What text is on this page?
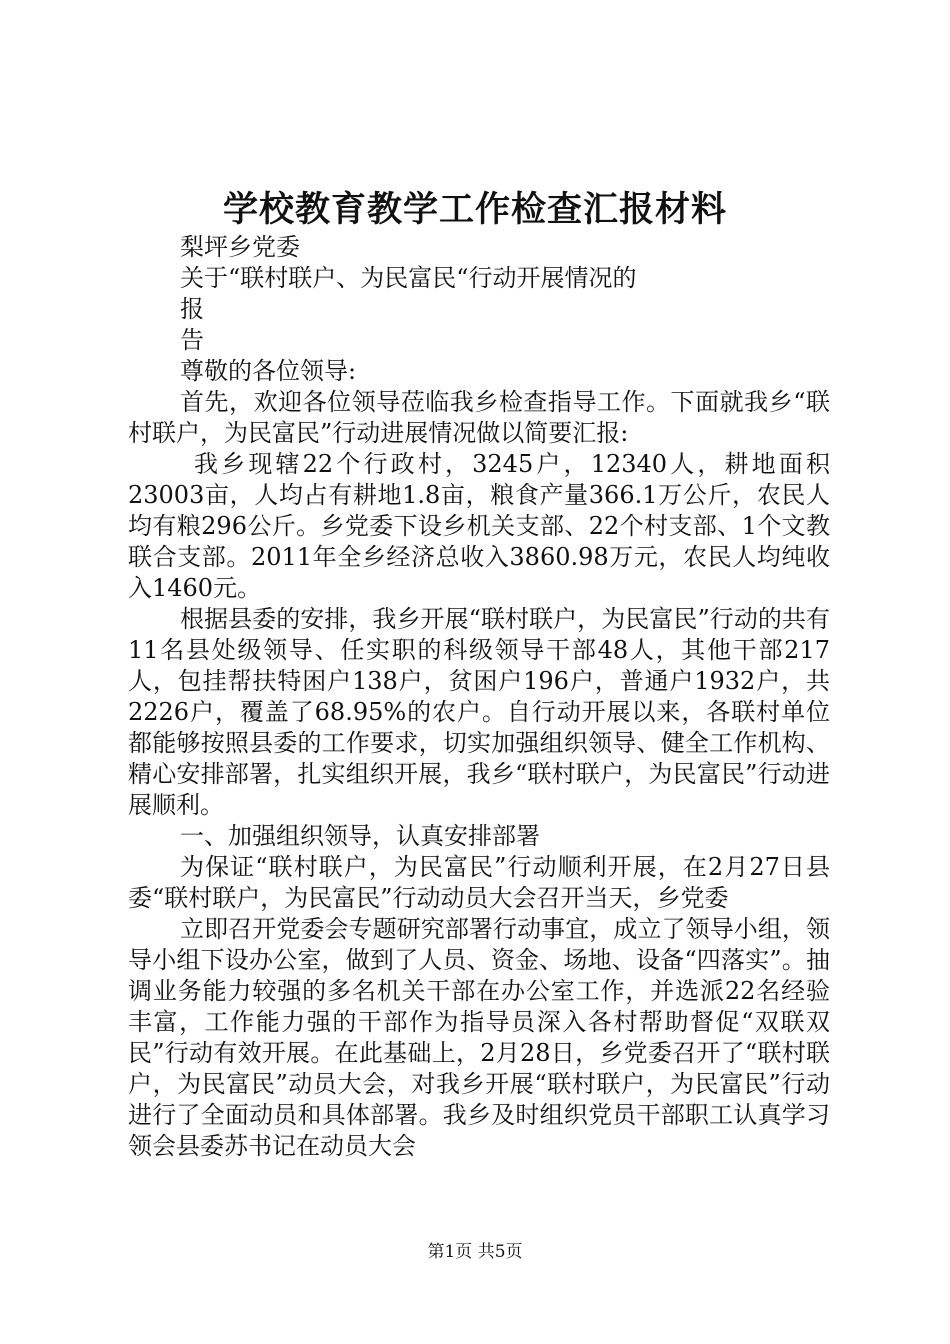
学校教育教学工作检查汇报材料

梨坪乡党委

关于“联村联户、为民富民“行动开展情况的

报

告

尊敬的各位领导:

首先，欢迎各位领导莅临我乡检查指导工作。下面就我乡“联村联户，为民富民”行动进展情况做以简要汇报:

我乡现辖22个行政村，3245户，12340人，耕地面积23003亩，人均占有耕地1.8亩，粮食产量366.1万公斤，农民人均有粮296公斤。乡党委下设乡机关支部、22个村支部、1个文教联合支部。2011年全乡经济总收入3860.98万元，农民人均纯收入1460元。

根据县委的安排，我乡开展“联村联户，为民富民”行动的共有11名县处级领导、任实职的科级领导干部48人，其他干部217人，包挂帮扶特困户138户，贫困户196户，普通户1932户，共2226户，覆盖了68.95%的农户。自行动开展以来，各联村单位都能够按照县委的工作要求，切实加强组织领导、健全工作机构、精心安排部署，扎实组织开展，我乡“联村联户，为民富民”行动进展顺利。

一、加强组织领导，认真安排部署

为保证“联村联户，为民富民”行动顺利开展，在2月27日县委“联村联户，为民富民”行动动员大会召开当天，乡党委

立即召开党委会专题研究部署行动事宜，成立了领导小组，领导小组下设办公室，做到了人员、资金、场地、设备“四落实”。抽调业务能力较强的多名机关干部在办公室工作，并选派22名经验丰富，工作能力强的干部作为指导员深入各村帮助督促“双联双民”行动有效开展。在此基础上，2月28日，乡党委召开了“联村联户，为民富民”动员大会，对我乡开展“联村联户，为民富民”行动进行了全面动员和具体部署。我乡及时组织党员干部职工认真学习领会县委苏书记在动员大会

第1页 共5页
